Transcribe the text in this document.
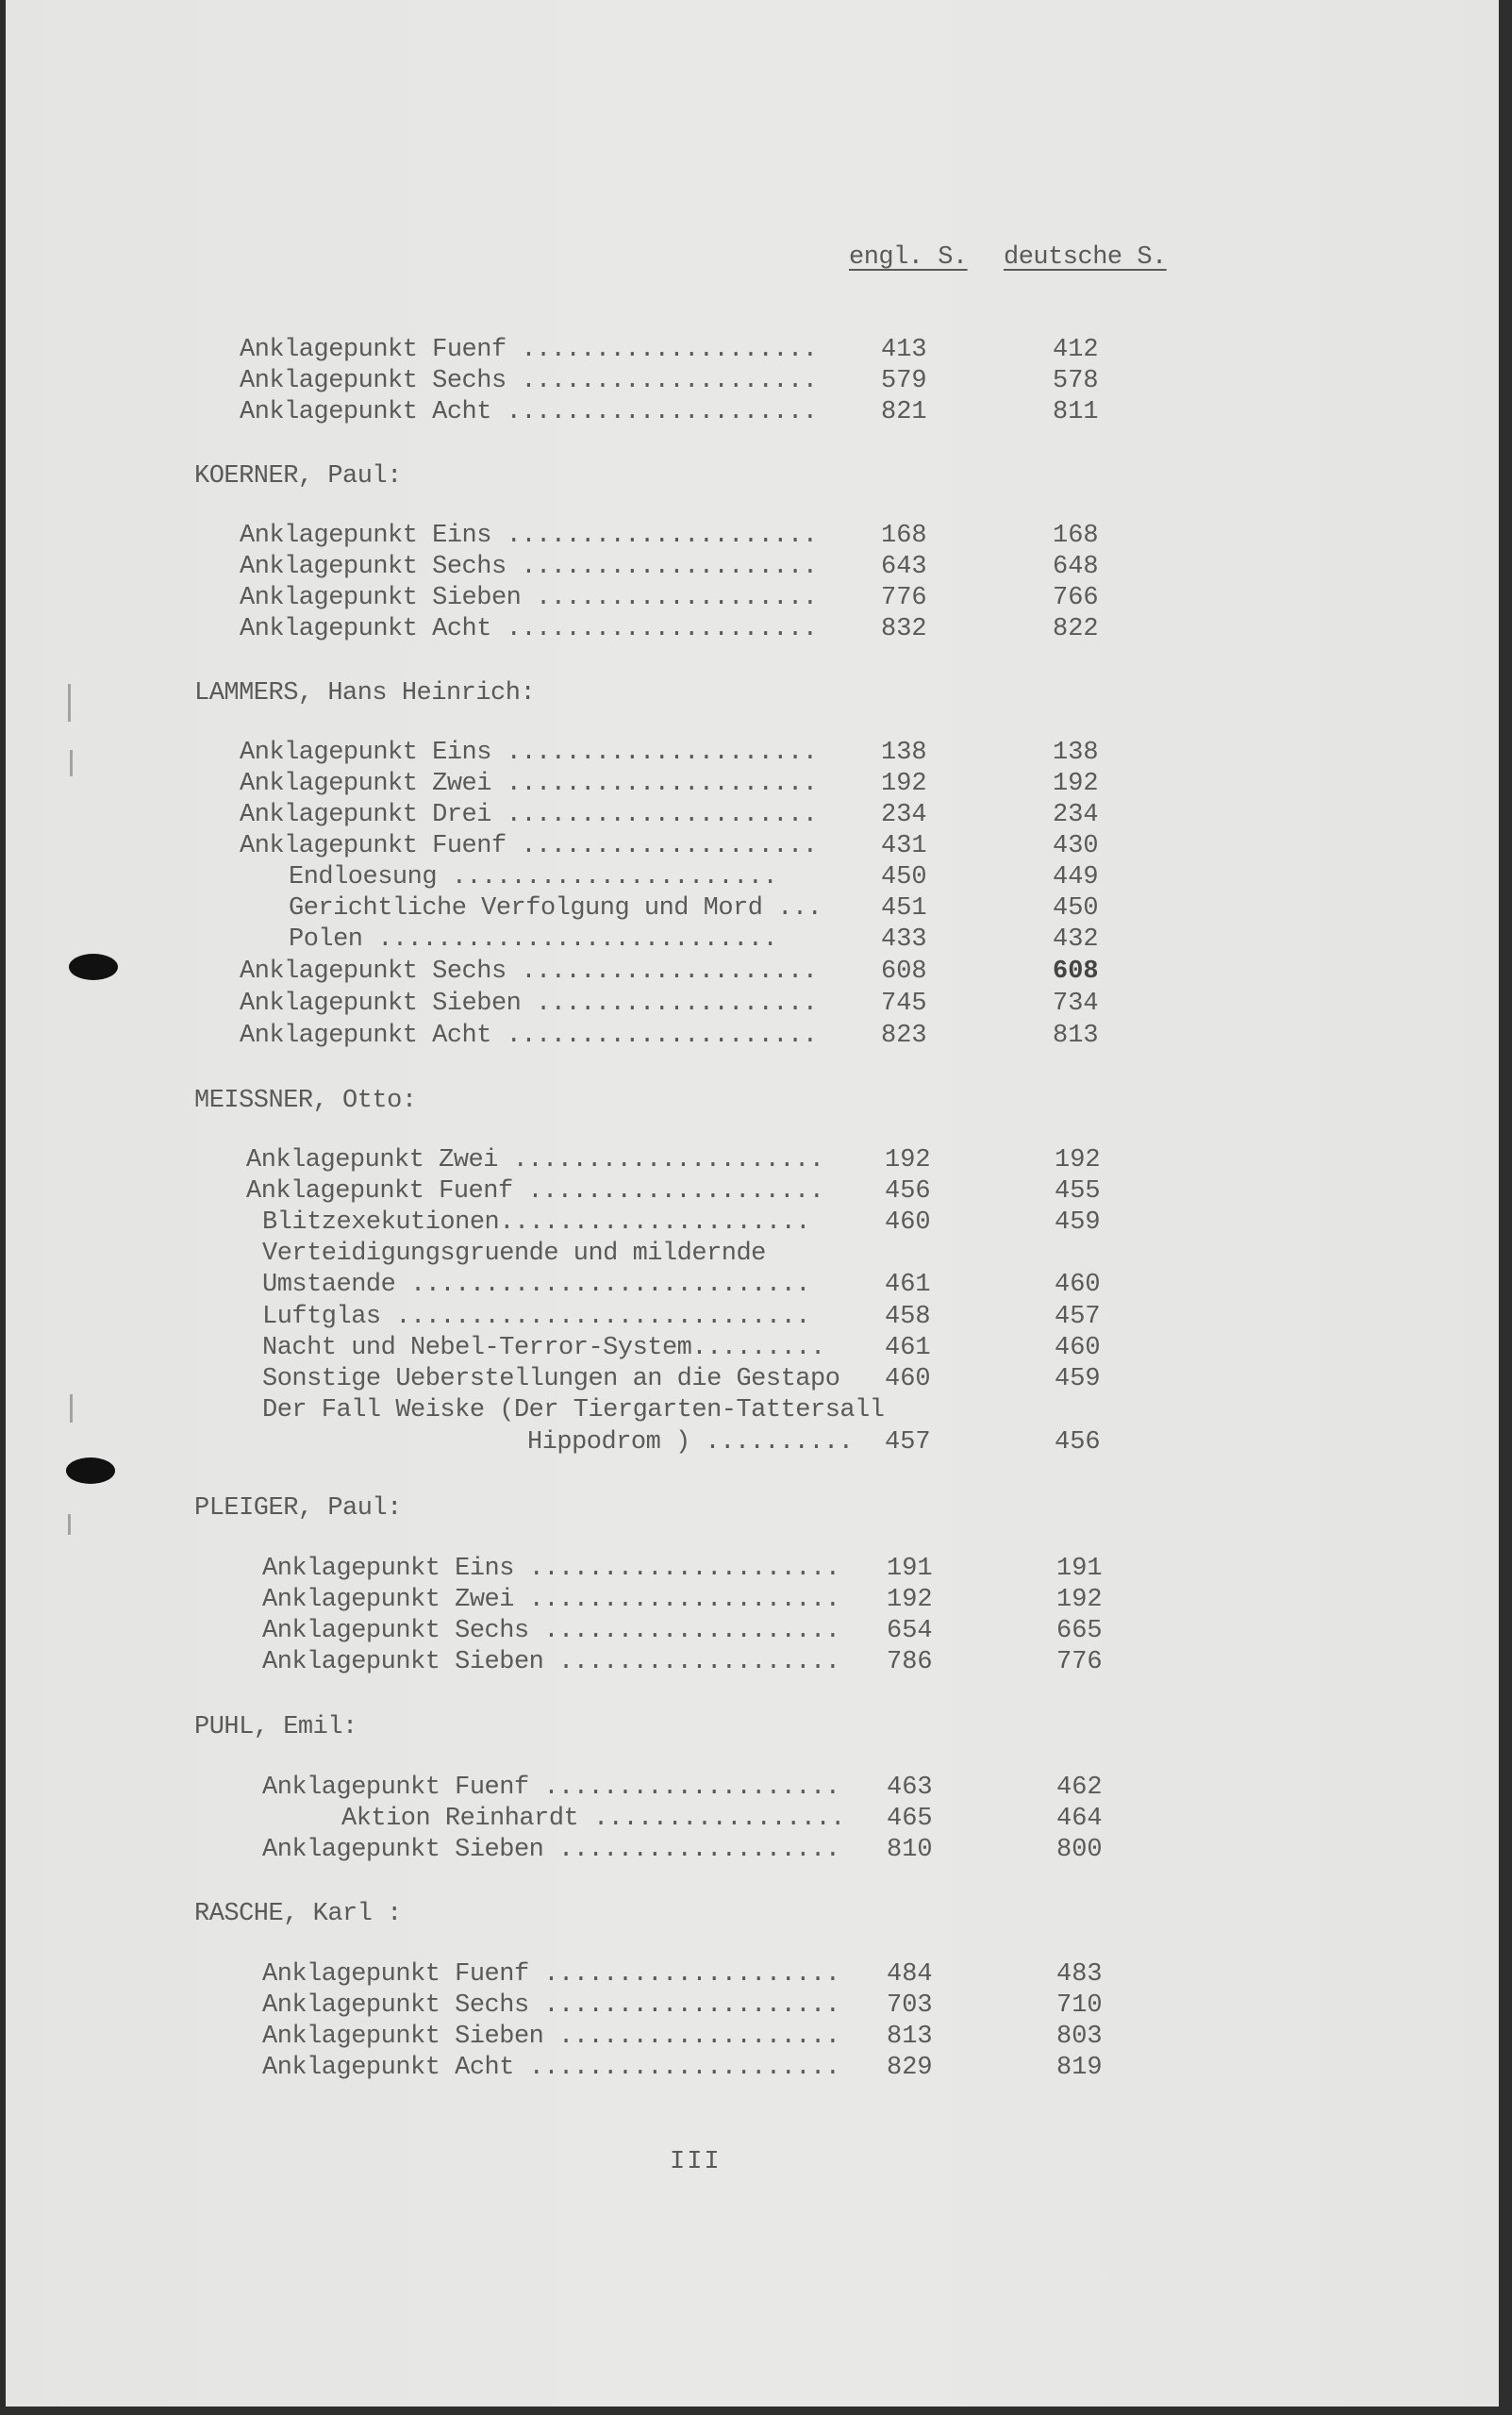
engl. S. deutsche S.
Anklagepunkt Fuenf ....................	413	412
Anklagepunkt Sechs ....................	579	578
Anklagepunkt Acht .....................	821	811
KOERNER, Paul:
Anklagepunkt Eins .....................	168	168
Anklagepunkt Sechs ....................	643	648
Anklagepunkt Sieben ...................	776	766
Anklagepunkt Acht .....................	832	822
LAMMERS, Hans Heinrich:
Anklagepunkt Eins .....................	138	138
Anklagepunkt Zwei .....................	192	192
Anklagepunkt Drei .....................	234	234
Anklagepunkt Fuenf ....................	431	430
Endloesung ......................	450	449
Gerichtliche Verfolgung und Mord ... 451	450
Polen ...........................	433	432
Anklagepunkt Sechs ....................	608	608
Anklagepunkt Sieben ...................	745	734
Anklagepunkt Acht .....................	823	813
MEISSNER, Otto:
Anklagepunkt Zwei ..................... 192	192
Anklagepunkt Fuenf .................... 456	455
Blitzexekutionen.....................	460	459
Verteidigungsgruende und mildernde
Umstaende ...........................	461	460
Luftglas ............................	458	457
Nacht und Nebel-Terror-System......... 461	460
Sonstige Ueberstellungen an die Gestapo 460	459
Der Fall Weiske (Der Tiergarten-Tattersall
Hippodrom ) .......... 457	456
PLEIGER, Paul:
Anklagepunkt Eins ..................... 191	191
Anklagepunkt Zwei ..................... 192	192
Anklagepunkt Sechs .................... 654	665
Anklagepunkt Sieben ................... 786	776
PUHL, Emil:
Anklagepunkt Fuenf .................... 463	462
Aktion Reinhardt ................. 465	464
Anklagepunkt Sieben ................... 810	800
RASCHE, Karl :
Anklagepunkt Fuenf .................... 484	483
Anklagepunkt Sechs .................... 703	710
Anklagepunkt Sieben ................... 813	803
Anklagepunkt Acht ..................... 829	819
III
